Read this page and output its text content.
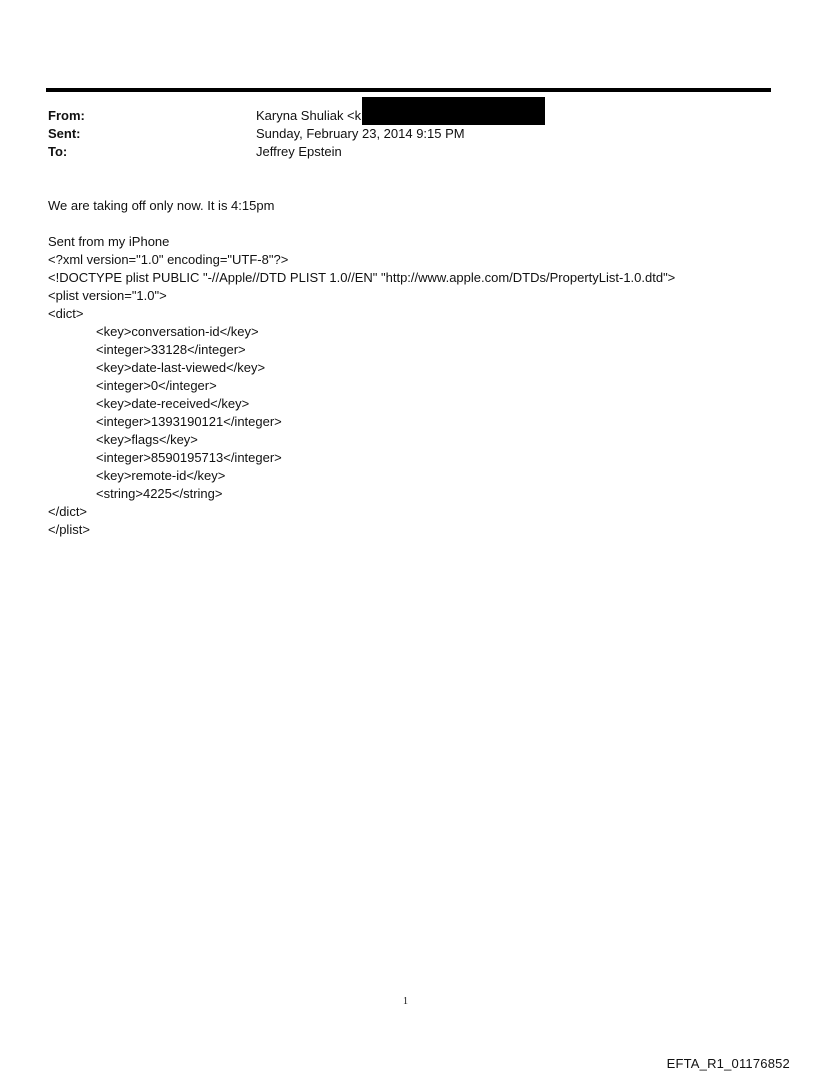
From:	Karyna Shuliak <k
Sent:	Sunday, February 23, 2014 9:15 PM
To:	Jeffrey Epstein
We are taking off only now. It is 4:15pm
Sent from my iPhone
<?xml version="1.0" encoding="UTF-8"?>
<!DOCTYPE plist PUBLIC "-//Apple//DTD PLIST 1.0//EN" "http://www.apple.com/DTDs/PropertyList-1.0.dtd">
<plist version="1.0">
<dict>
<key>conversation-id</key>
<integer>33128</integer>
<key>date-last-viewed</key>
<integer>0</integer>
<key>date-received</key>
<integer>1393190121</integer>
<key>flags</key>
<integer>8590195713</integer>
<key>remote-id</key>
<string>4225</string>
</dict>
</plist>
1
EFTA_R1_01176852
